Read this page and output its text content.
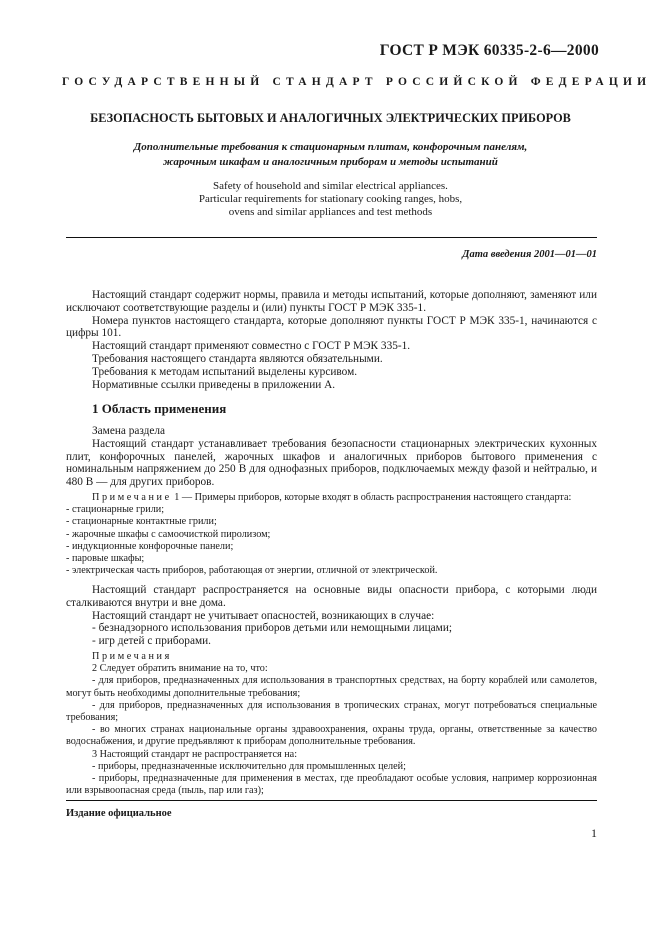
ГОСТ Р МЭК 60335-2-6—2000
ГОСУДАРСТВЕННЫЙ СТАНДАРТ РОССИЙСКОЙ ФЕДЕРАЦИИ
БЕЗОПАСНОСТЬ БЫТОВЫХ И АНАЛОГИЧНЫХ ЭЛЕКТРИЧЕСКИХ ПРИБОРОВ
Дополнительные требования к стационарным плитам, конфорочным панелям,
жарочным шкафам и аналогичным приборам и методы испытаний
Safety of household and similar electrical appliances.
Particular requirements for stationary cooking ranges, hobs,
ovens and similar appliances and test methods
Дата введения 2001—01—01

Настоящий стандарт содержит нормы, правила и методы испытаний, которые дополняют, заменяют или исключают соответствующие разделы и (или) пункты ГОСТ Р МЭК 335-1.

Номера пунктов настоящего стандарта, которые дополняют пункты ГОСТ Р МЭК 335-1, начинаются с цифры 101.

Настоящий стандарт применяют совместно с ГОСТ Р МЭК 335-1.

Требования настоящего стандарта являются обязательными.

Требования к методам испытаний выделены курсивом.

Нормативные ссылки приведены в приложении А.

1 Область применения

Замена раздела

Настоящий стандарт устанавливает требования безопасности стационарных электрических кухонных плит, конфорочных панелей, жарочных шкафов и аналогичных приборов бытового применения с номинальным напряжением до 250 В для однофазных приборов, подключаемых между фазой и нейтралью, и 480 В — для других приборов.

Примечание 1 — Примеры приборов, которые входят в область распространения настоящего стандарта:

- стационарные грили;

- стационарные контактные грили;

- жарочные шкафы с самоочисткой пиролизом;

- индукционные конфорочные панели;

- паровые шкафы;

- электрическая часть приборов, работающая от энергии, отличной от электрической.

Настоящий стандарт распространяется на основные виды опасности прибора, с которыми люди сталкиваются внутри и вне дома.

Настоящий стандарт не учитывает опасностей, возникающих в случае:

- безнадзорного использования приборов детьми или немощными лицами;

- игр детей с приборами.

Примечания

2 Следует обратить внимание на то, что:

- для приборов, предназначенных для использования в транспортных средствах, на борту кораблей или самолетов, могут быть необходимы дополнительные требования;

- для приборов, предназначенных для использования в тропических странах, могут потребоваться специальные требования;

- во многих странах национальные органы здравоохранения, охраны труда, органы, ответственные за качество водоснабжения, и другие предъявляют к приборам дополнительные требования.

3 Настоящий стандарт не распространяется на:

- приборы, предназначенные исключительно для промышленных целей;

- приборы, предназначенные для применения в местах, где преобладают особые условия, например коррозионная или взрывоопасная среда (пыль, пар или газ);

Издание официальное
1
